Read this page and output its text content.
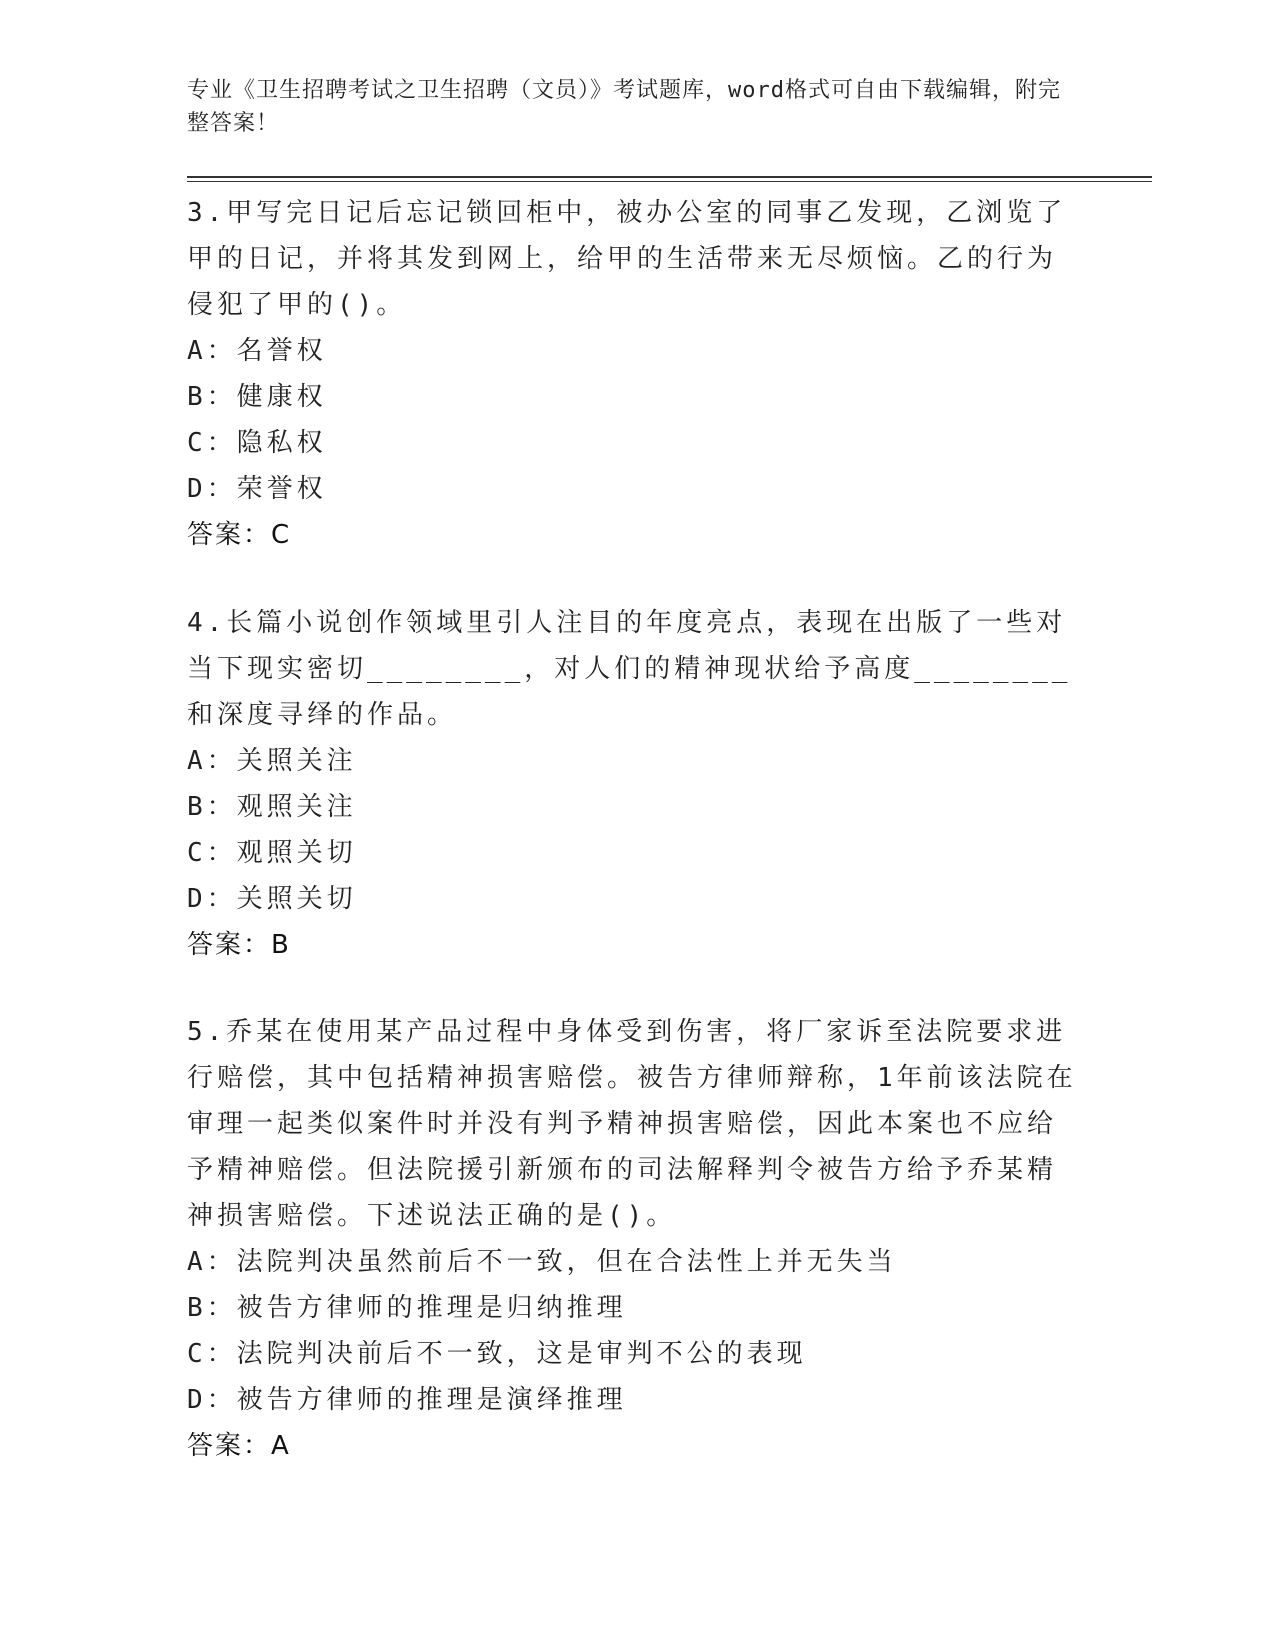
专业《卫生招聘考试之卫生招聘（文员）》考试题库，word格式可自由下载编辑，附完整答案！

3.甲写完日记后忘记锁回柜中，被办公室的同事乙发现，乙浏览了甲的日记，并将其发到网上，给甲的生活带来无尽烦恼。乙的行为侵犯了甲的()。

A：名誉权

B：健康权

C：隐私权

D：荣誉权

答案：C

4.长篇小说创作领域里引人注目的年度亮点，表现在出版了一些对当下现实密切________，对人们的精神现状给予高度________和深度寻绎的作品。

A：关照关注

B：观照关注

C：观照关切

D：关照关切

答案：B

5.乔某在使用某产品过程中身体受到伤害，将厂家诉至法院要求进行赔偿，其中包括精神损害赔偿。被告方律师辩称，1年前该法院在审理一起类似案件时并没有判予精神损害赔偿，因此本案也不应给予精神赔偿。但法院援引新颁布的司法解释判令被告方给予乔某精神损害赔偿。下述说法正确的是()。

A：法院判决虽然前后不一致，但在合法性上并无失当

B：被告方律师的推理是归纳推理

C：法院判决前后不一致，这是审判不公的表现

D：被告方律师的推理是演绎推理

答案：A
